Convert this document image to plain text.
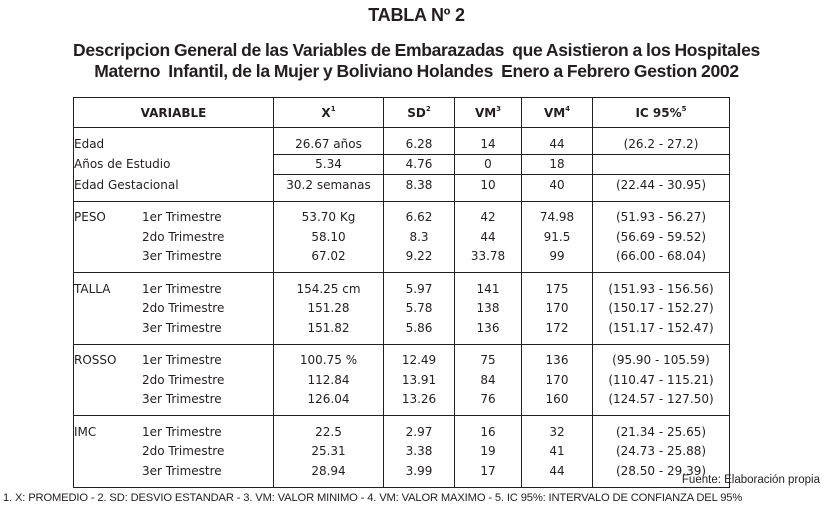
TABLA Nº 2
Descripcion General de las Variables de Embarazadas  que Asistieron a los Hospitales
Materno  Infantil, de la Mujer y Boliviano Holandes  Enero a Febrero Gestion 2002
VARIABLE	$X^1$	$SD^2$	$VM^3$	$VM^4$	IC 95%$^5$
Edad	26.67 años	6.28	14	44	(26.2 - 27.2)
Años de Estudio	5.34	4.76	0	18	
Edad Gestacional	30.2 semanas	8.38	10	40	(22.44 - 30.95)

PESO 1er Trimestre	53.70 Kg	6.62	42	74.98	(51.93 - 56.27)

2do Trimestre	58.10	8.3	44	91.5	(56.69 - 59.52)

3er Trimestre	67.02	9.22	33.78	99	(66.00 - 68.04)

TALLA 1er Trimestre	154.25 cm	5.97	141	175	(151.93 - 156.56)

2do Trimestre	151.28	5.78	138	170	(150.17 - 152.27)

3er Trimestre	151.82	5.86	136	172	(151.17 - 152.47)

ROSSO 1er Trimestre	100.75 %	12.49	75	136	(95.90 - 105.59)

2do Trimestre	112.84	13.91	84	170	(110.47 - 115.21)

3er Trimestre	126.04	13.26	76	160	(124.57 - 127.50)

IMC 1er Trimestre	22.5	2.97	16	32	(21.34 - 25.65)

2do Trimestre	25.31	3.38	19	41	(24.73 - 25.88)

3er Trimestre	28.94	3.99	17	44	(28.50 - 29.39)
Fuente: Elaboración propia
1. X: PROMEDIO - 2. SD: DESVIO ESTANDAR - 3. VM: VALOR MINIMO - 4. VM: VALOR MAXIMO - 5. IC 95%: INTERVALO DE CONFIANZA DEL 95%
